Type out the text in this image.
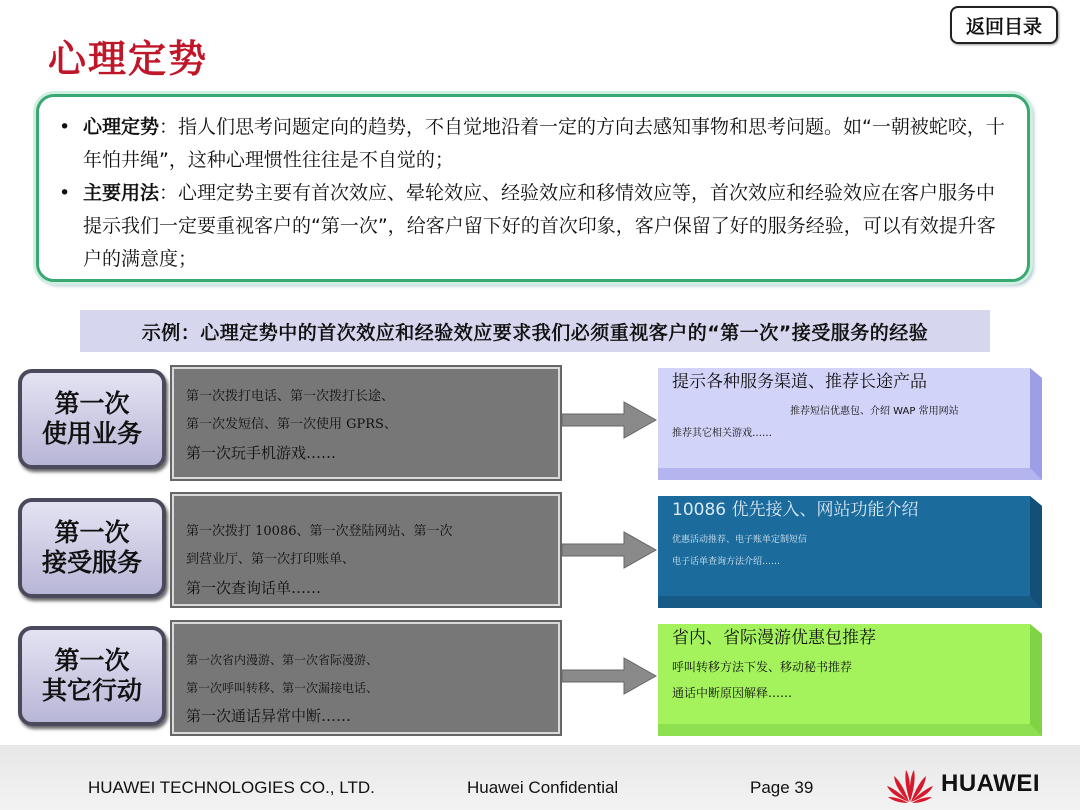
心理定势
返回目录
• 心理定势：指人们思考问题定向的趋势，不自觉地沿着一定的方向去感知事物和思考问题。如“一朝被蛇咬，十年怕井绳”，这种心理惯性往往是不自觉的；
• 主要用法：心理定势主要有首次效应、晕轮效应、经验效应和移情效应等，首次效应和经验效应在客户服务中提示我们一定要重视客户的“第一次”，给客户留下好的首次印象，客户保留了好的服务经验，可以有效提升客户的满意度；
示例：心理定势中的首次效应和经验效应要求我们必须重视客户的“第一次”接受服务的经验
第一次
使用业务
第一次拨打电话、第一次拨打长途、
第一次发短信、第一次使用 GPRS、
第一次玩手机游戏……
提示各种服务渠道、推荐长途产品
推荐短信优惠包、介绍 WAP 常用网站
推荐其它相关游戏……
第一次
接受服务
第一次拨打 10086、第一次登陆网站、第一次
到营业厅、第一次打印账单、
第一次查询话单……
10086 优先接入、网站功能介绍
优惠活动推荐、电子账单定制短信
电子话单查询方法介绍……
第一次
其它行动
第一次省内漫游、第一次省际漫游、
第一次呼叫转移、第一次漏接电话、
第一次通话异常中断……
省内、省际漫游优惠包推荐
呼叫转移方法下发、移动秘书推荐
通话中断原因解释……
HUAWEI TECHNOLOGIES CO., LTD.	Huawei Confidential	Page 39	HUAWEI
